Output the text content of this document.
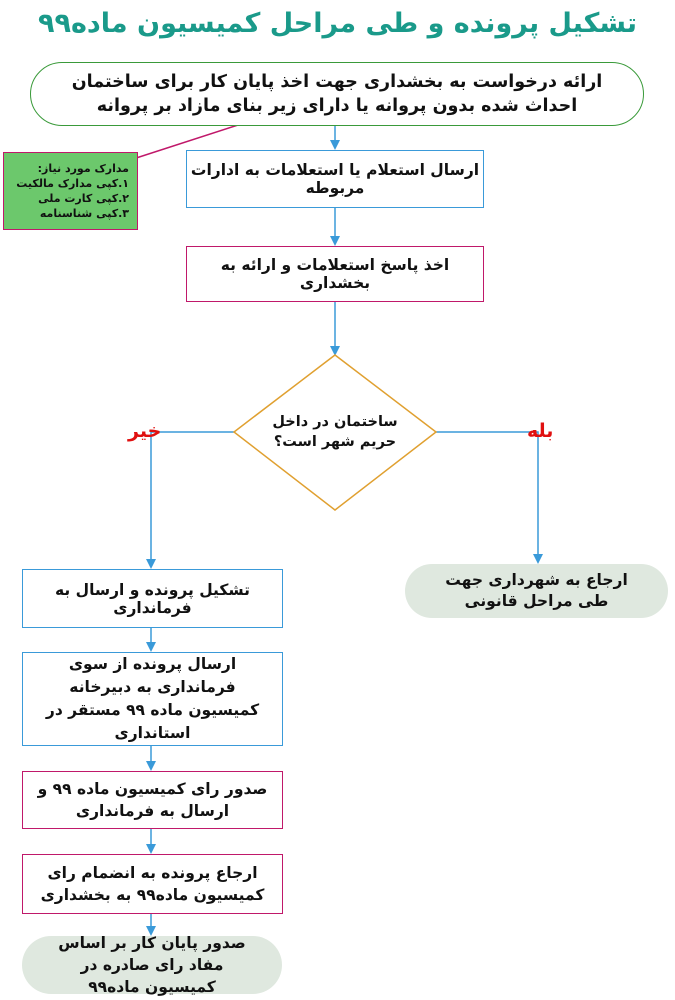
تشکیل پرونده و طی مراحل کمیسیون ماده۹۹
ارائه درخواست به بخشداری جهت اخذ پایان کار برای ساختمان احداث شده بدون پروانه یا دارای زیر بنای مازاد بر پروانه
مدارک مورد نیاز:
۱.کپی مدارک مالکیت
۲.کپی کارت ملی
۳.کپی شناسنامه
ارسال استعلام یا استعلامات به ادارات مربوطه
اخذ پاسخ استعلامات و ارائه به بخشداری
ساختمان در داخل حریم شهر است؟
خیر	بله
ارجاع به شهرداری جهت طی مراحل قانونی
تشکیل پرونده و ارسال به فرمانداری
ارسال پرونده از سوی فرمانداری به دبیرخانه کمیسیون ماده ۹۹ مستقر در استانداری
صدور رای کمیسیون ماده ۹۹ و ارسال به فرمانداری
ارجاع پرونده به انضمام رای کمیسیون ماده۹۹ به بخشداری
صدور پایان کار بر اساس مفاد رای صادره در کمیسیون ماده۹۹
